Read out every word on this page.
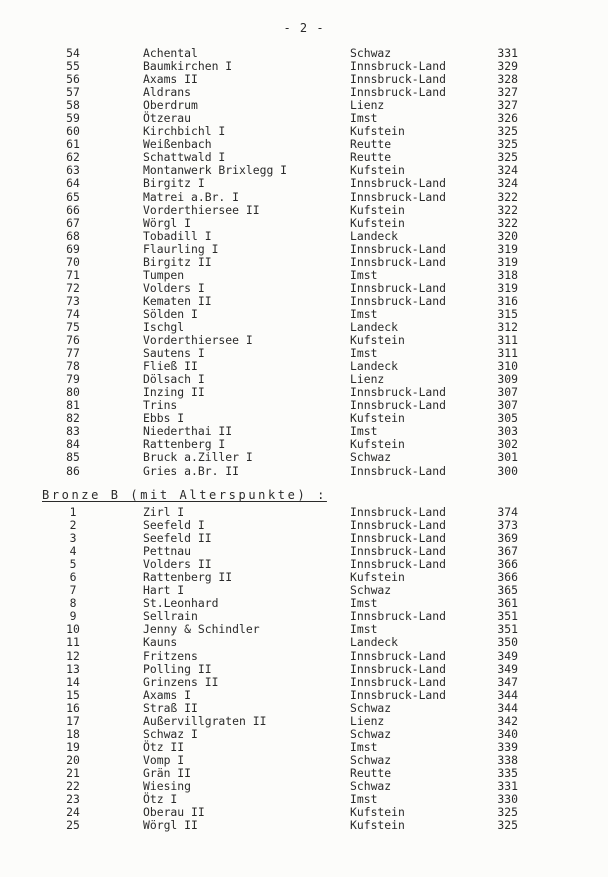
- 2 -
54	Achental	Schwaz	331
55	Baumkirchen I	Innsbruck-Land	329
56	Axams II	Innsbruck-Land	328
57	Aldrans	Innsbruck-Land	327
58	Oberdrum	Lienz	327
59	Ötzerau	Imst	326
60	Kirchbichl I	Kufstein	325
61	Weißenbach	Reutte	325
62	Schattwald I	Reutte	325
63	Montanwerk Brixlegg I	Kufstein	324
64	Birgitz I	Innsbruck-Land	324
65	Matrei a.Br. I	Innsbruck-Land	322
66	Vorderthiersee II	Kufstein	322
67	Wörgl I	Kufstein	322
68	Tobadill I	Landeck	320
69	Flaurling I	Innsbruck-Land	319
70	Birgitz II	Innsbruck-Land	319
71	Tumpen	Imst	318
72	Volders I	Innsbruck-Land	319
73	Kematen II	Innsbruck-Land	316
74	Sölden I	Imst	315
75	Ischgl	Landeck	312
76	Vorderthiersee I	Kufstein	311
77	Sautens I	Imst	311
78	Fließ II	Landeck	310
79	Dölsach I	Lienz	309
80	Inzing II	Innsbruck-Land	307
81	Trins	Innsbruck-Land	307
82	Ebbs I	Kufstein	305
83	Niederthai II	Imst	303
84	Rattenberg I	Kufstein	302
85	Bruck a.Ziller I	Schwaz	301
86	Gries a.Br. II	Innsbruck-Land	300
Bronze B (mit Alterspunkte) :
1	Zirl I	Innsbruck-Land	374
2	Seefeld I	Innsbruck-Land	373
3	Seefeld II	Innsbruck-Land	369
4	Pettnau	Innsbruck-Land	367
5	Volders II	Innsbruck-Land	366
6	Rattenberg II	Kufstein	366
7	Hart I	Schwaz	365
8	St.Leonhard	Imst	361
9	Sellrain	Innsbruck-Land	351
10	Jenny & Schindler	Imst	351
11	Kauns	Landeck	350
12	Fritzens	Innsbruck-Land	349
13	Polling II	Innsbruck-Land	349
14	Grinzens II	Innsbruck-Land	347
15	Axams I	Innsbruck-Land	344
16	Straß II	Schwaz	344
17	Außervillgraten II	Lienz	342
18	Schwaz I	Schwaz	340
19	Ötz II	Imst	339
20	Vomp I	Schwaz	338
21	Grän II	Reutte	335
22	Wiesing	Schwaz	331
23	Ötz I	Imst	330
24	Oberau II	Kufstein	325
25	Wörgl II	Kufstein	325
